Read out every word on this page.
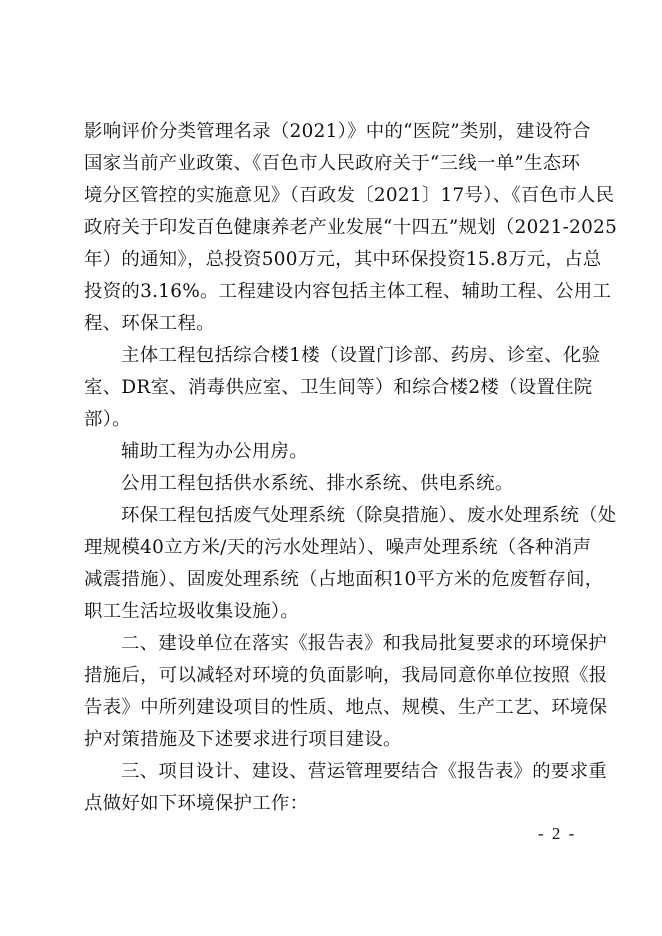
影响评价分类管理名录（2021）》中的“医院”类别，建设符合
国家当前产业政策、《百色市人民政府关于“三线一单”生态环
境分区管控的实施意见》（百政发〔2021〕17号）、《百色市人民
政府关于印发百色健康养老产业发展“十四五”规划（2021-2025
年）的通知》，总投资500万元，其中环保投资15.8万元，占总
投资的3.16%。工程建设内容包括主体工程、辅助工程、公用工
程、环保工程。
主体工程包括综合楼1楼（设置门诊部、药房、诊室、化验
室、DR室、消毒供应室、卫生间等）和综合楼2楼（设置住院
部）。
辅助工程为办公用房。
公用工程包括供水系统、排水系统、供电系统。
环保工程包括废气处理系统（除臭措施）、废水处理系统（处
理规模40立方米/天的污水处理站）、噪声处理系统（各种消声
减震措施）、固废处理系统（占地面积10平方米的危废暂存间，
职工生活垃圾收集设施）。
二、建设单位在落实《报告表》和我局批复要求的环境保护
措施后，可以减轻对环境的负面影响，我局同意你单位按照《报
告表》中所列建设项目的性质、地点、规模、生产工艺、环境保
护对策措施及下述要求进行项目建设。
三、项目设计、建设、营运管理要结合《报告表》的要求重
点做好如下环境保护工作：
- 2 -
